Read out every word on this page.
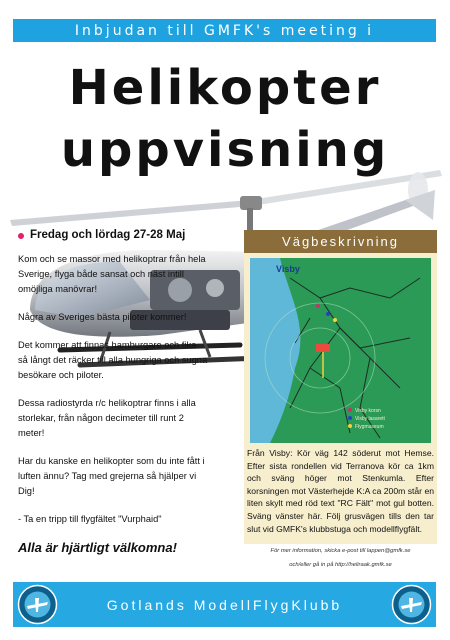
Inbjudan till GMFK's meeting i
Helikopter
uppvisning
Fredag och lördag 27-28 Maj

Kom och se massor med helikoptrar från hela Sverige, flyga både sansat och näst intill omöjliga manövrar!

Några av Sveriges bästa piloter kommer!

Det kommer att finnas hamburgare och fika så långt det räcker till alla hungriga och sugna besökare och piloter.

Dessa radiostyrda r/c helikoptrar finns i alla storlekar, från någon decimeter till runt 2 meter!

Har du kanske en helikopter som du inte fått i luften ännu? Tag med grejerna så hjälper vi Dig!

- Ta en tripp till flygfältet "Vurphaid"

Alla är hjärtligt välkomna!
Vägbeskrivning
Visby
Visby korsn
Visby lasarett
Flygmuseum
Från Visby: Kör väg 142 söderut mot Hemse. Efter sista rondellen vid Terranova kör ca 1km och sväng höger mot Stenkumla. Efter korsningen mot Västerhejde K:A ca 200m står en liten skylt med röd text "RC Fält" mot gul botten. Sväng vänster här. Följ grusvägen tills den tar slut vid GMFK's klubbstuga och modellflygfält.
För mer information, skicka e-post till lappen@gmfk.se
och/eller gå in på http://heliraak.gmfk.se
Gotlands ModellFlygKlubb
